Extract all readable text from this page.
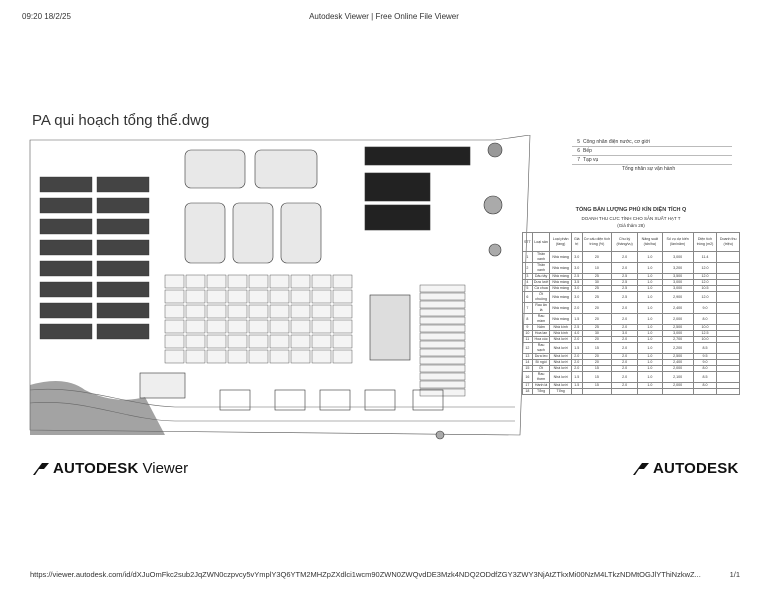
09:20 18/2/25	Autodesk Viewer | Free Online File Viewer
PA qui hoạch tổng thể.dwg
5 Công nhân điện nước, cơ giới
6 Bếp
7 Tạp vụ
Tổng nhân sự vận hành
TỔNG BẢN LƯỢNG PHỦ KÍN DIỆN TÍCH Q
DOANH THU CƯC TÍNH CHO SẢN XUẤT HẠT T
(Giá thảm 28)
STT	Loại sản	Loại phân (tầng)	Giá trị	Cơ cấu diện tích trồng (%)	Chu kỳ (tháng/vụ)	Năng suất (tấn/ha)	Số vụ dự kiến (lần/năm)	Diện tích trồng (m2)	Doanh thu (triệu)
1	Thân xanh	Nhà màng	3.0	20	2.0	1.0	3,000	11.4	
2	Thân xanh	Nhà màng	3.0	10	2.0	1.0	3,200	12.0	
3	Dâu tây	Nhà màng	2.5	25	2.5	1.0	3,500	12.0	
4	Dưa lưới	Nhà màng	3.5	30	2.5	1.0	3,000	12.0	
5	Cà chua	Nhà màng	3.0	25	2.5	1.0	3,000	10.5	
6	Ớt chuông	Nhà màng	3.0	25	2.5	1.0	2,900	12.0	
7	Rau ăn lá	Nhà màng	2.0	20	2.0	1.0	2,400	9.0	
8	Rau mầm	Nhà màng	1.5	20	2.0	1.0	2,000	8.0	
9	Nấm	Nhà kính	2.5	25	2.0	1.0	2,500	10.0	
10	Hoa lan	Nhà kính	4.0	30	3.0	1.0	3,000	12.5	
11	Hoa cúc	Nhà lưới	2.0	20	2.0	1.0	2,700	10.0	
12	Rau sạch	Nhà lưới	1.5	15	2.0	1.0	2,200	8.5	
13	Dưa leo	Nhà lưới	2.0	20	2.0	1.0	2,500	9.5	
14	Bí ngòi	Nhà lưới	2.0	20	2.0	1.0	2,400	9.0	
15	Ớt	Nhà lưới	2.0	15	2.0	1.0	2,000	8.0	
16	Rau thơm	Nhà lưới	1.5	15	2.0	1.0	2,100	8.5	
17	Hành lá	Nhà lưới	1.5	15	2.0	1.0	2,000	8.0	
18	Tổng	Tổng							
AUTODESK Viewer	AUTODESK
https://viewer.autodesk.com/id/dXJuOmFkc2sub2JqZWN0czpvcy5vYmplY3Q6YTM2MHZpZXdlci1wcm90ZWN0ZWQvdDE3Mzk4NDQ2ODdfZGY3ZWY3NjAtZTkxMi00NzM4LTkzNDMtOGJlYThiNzkwZ...	1/1
